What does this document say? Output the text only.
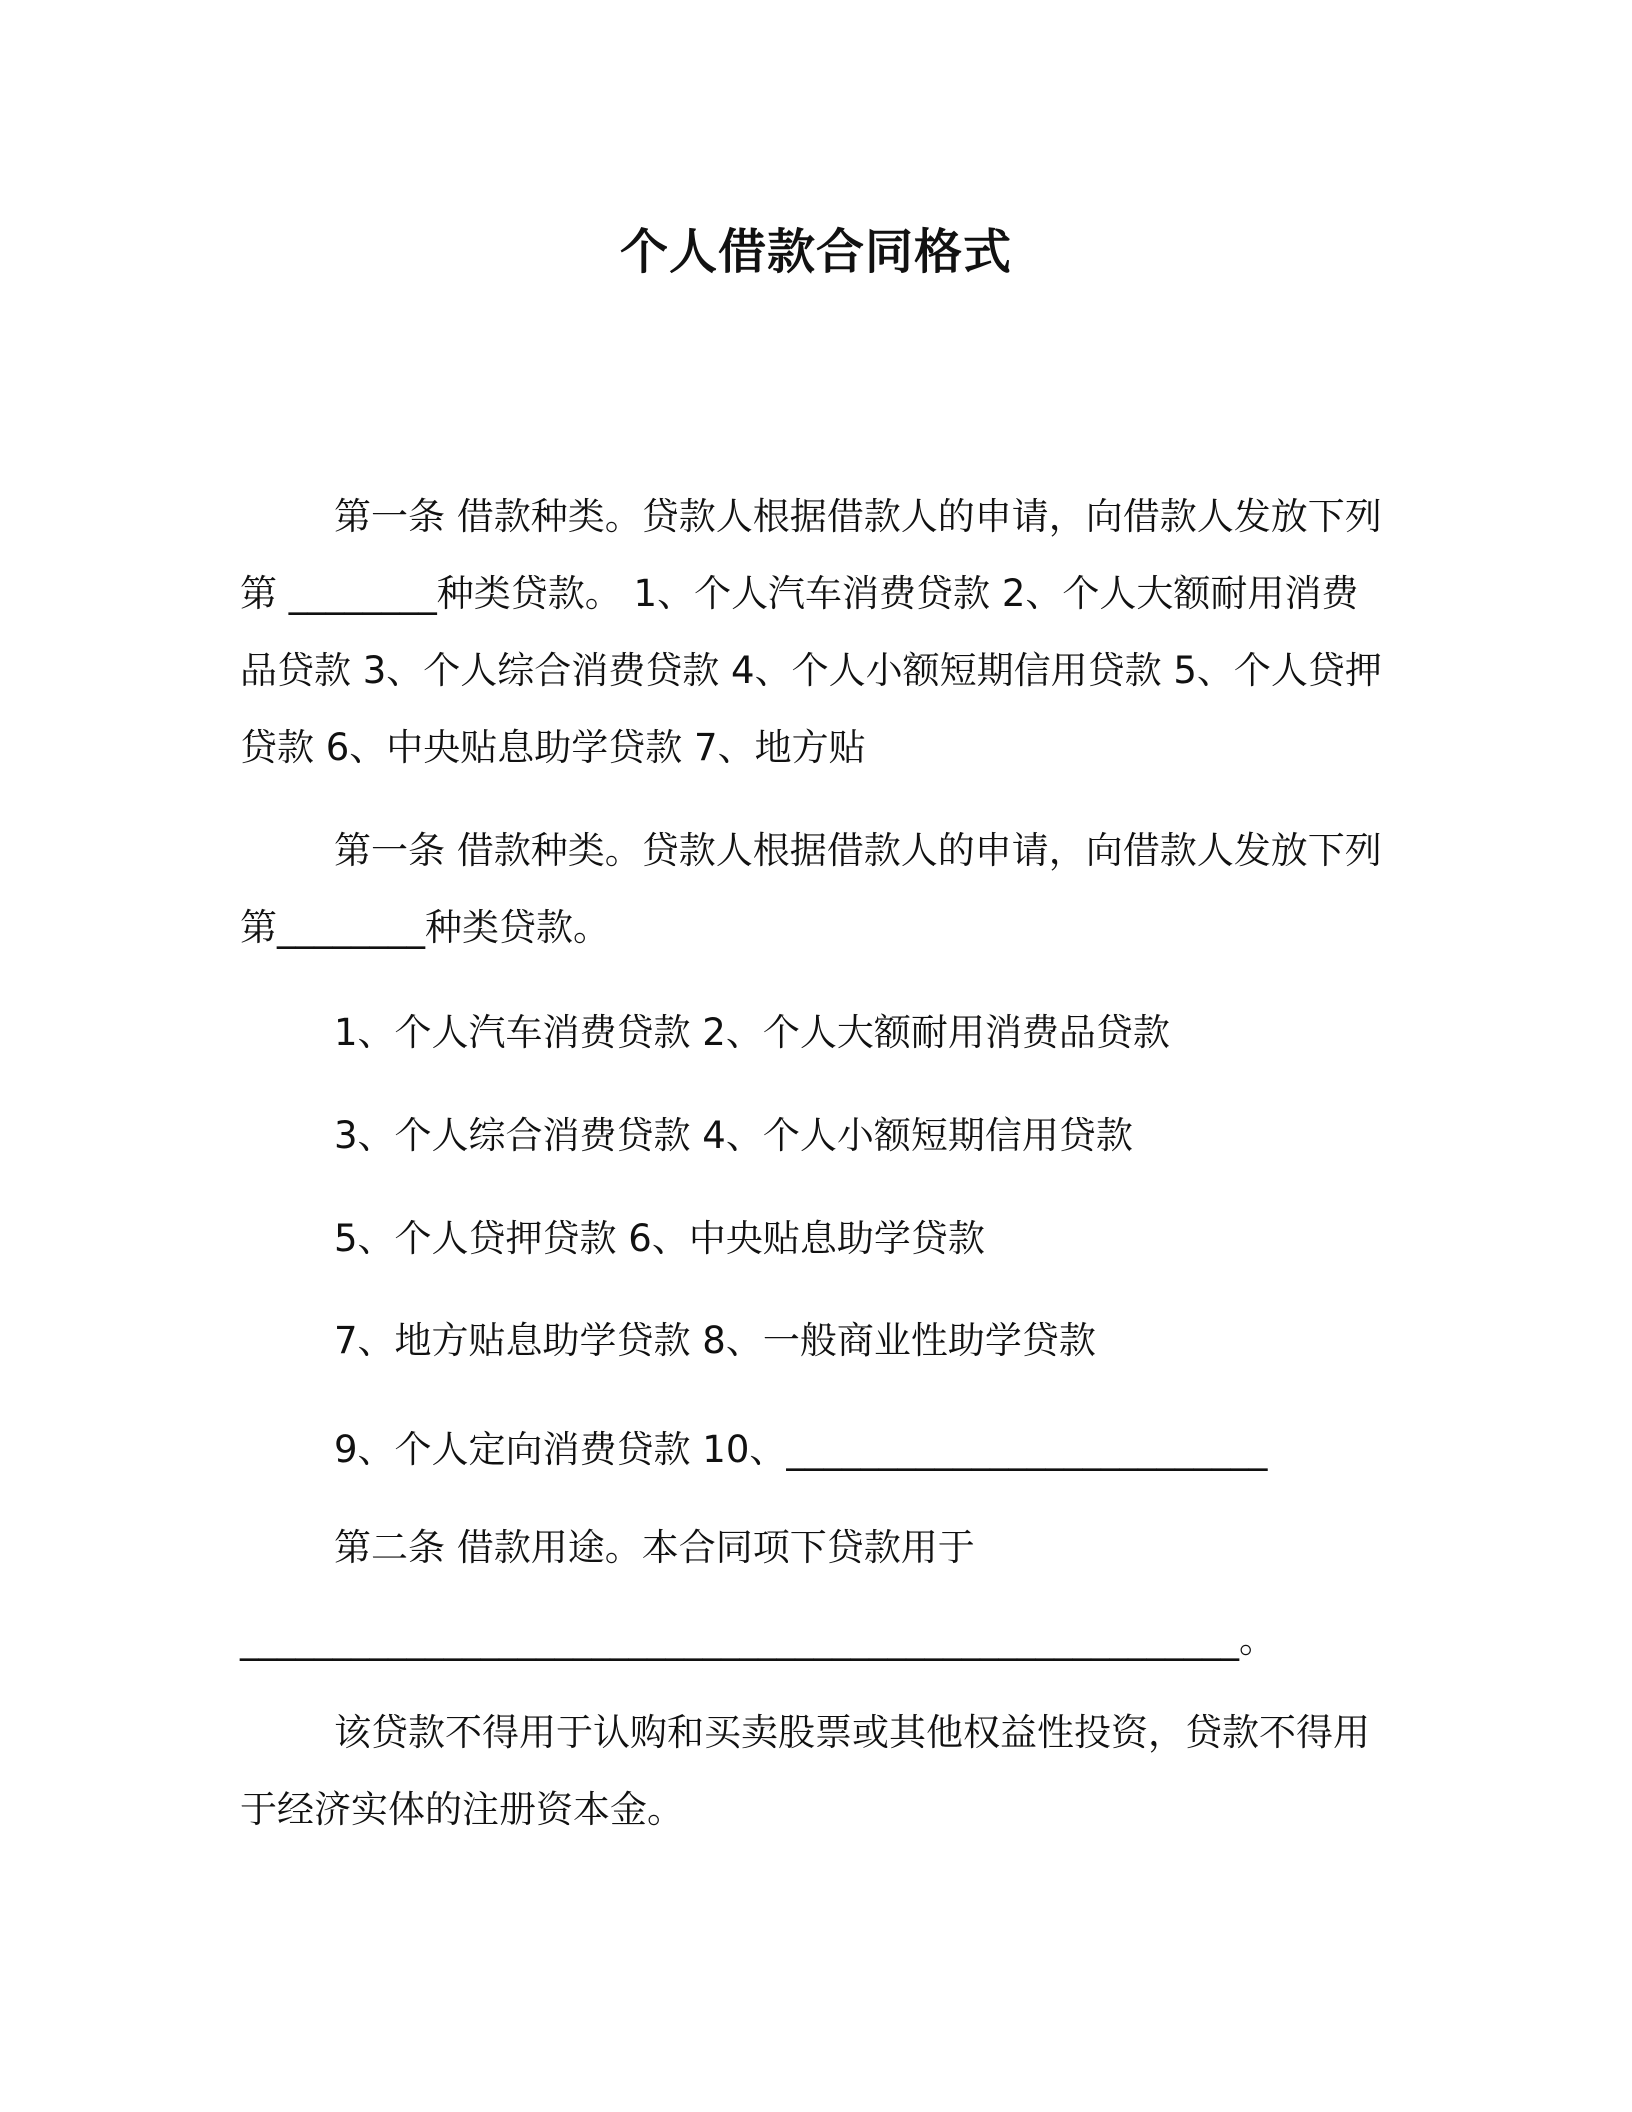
个人借款合同格式
第一条 借款种类。贷款人根据借款人的申请，向借款人发放下列
第 ________种类贷款。 1、个人汽车消费贷款 2、个人大额耐用消费
品贷款 3、个人综合消费贷款 4、个人小额短期信用贷款 5、个人贷押
贷款 6、中央贴息助学贷款 7、地方贴
第一条 借款种类。贷款人根据借款人的申请，向借款人发放下列
第________种类贷款。
1、个人汽车消费贷款 2、个人大额耐用消费品贷款
3、个人综合消费贷款 4、个人小额短期信用贷款
5、个人贷押贷款 6、中央贴息助学贷款
7、地方贴息助学贷款 8、一般商业性助学贷款
9、个人定向消费贷款 10、__________________________
第二条 借款用途。本合同项下贷款用于
______________________________________________________。
该贷款不得用于认购和买卖股票或其他权益性投资，贷款不得用
于经济实体的注册资本金。
